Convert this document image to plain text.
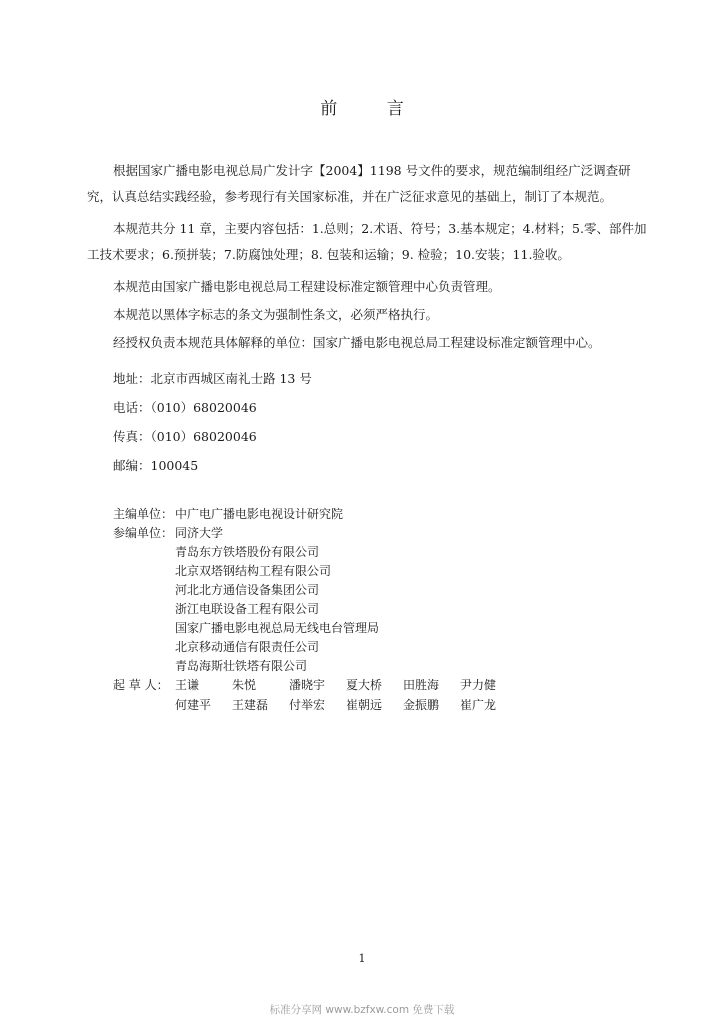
前 言

根据国家广播电影电视总局广发计字【2004】1198 号文件的要求，规范编制组经广泛调查研究，认真总结实践经验，参考现行有关国家标准，并在广泛征求意见的基础上，制订了本规范。

本规范共分 11 章，主要内容包括：1.总则；2.术语、符号；3.基本规定；4.材料；5.零、部件加工技术要求；6.预拼装；7.防腐蚀处理；8. 包装和运输；9. 检验；10.安装；11.验收。

本规范由国家广播电影电视总局工程建设标准定额管理中心负责管理。

本规范以黑体字标志的条文为强制性条文，必须严格执行。

经授权负责本规范具体解释的单位：国家广播电影电视总局工程建设标准定额管理中心。

地址：北京市西城区南礼士路 13 号
电话：（010）68020046
传真：（010）68020046
邮编：100045
主编单位： 中广电广播电影电视设计研究院
参编单位： 同济大学
青岛东方铁塔股份有限公司
北京双塔钢结构工程有限公司
河北北方通信设备集团公司
浙江电联设备工程有限公司
国家广播电影电视总局无线电台管理局
北京移动通信有限责任公司
青岛海斯壮铁塔有限公司
起 草 人： 王谦	朱悦	潘晓宇	夏大桥	田胜海	尹力健
何建平	王建磊	付举宏	崔朝远	金振鹏	崔广龙
1
标准分享网 www.bzfxw.com 免费下载
